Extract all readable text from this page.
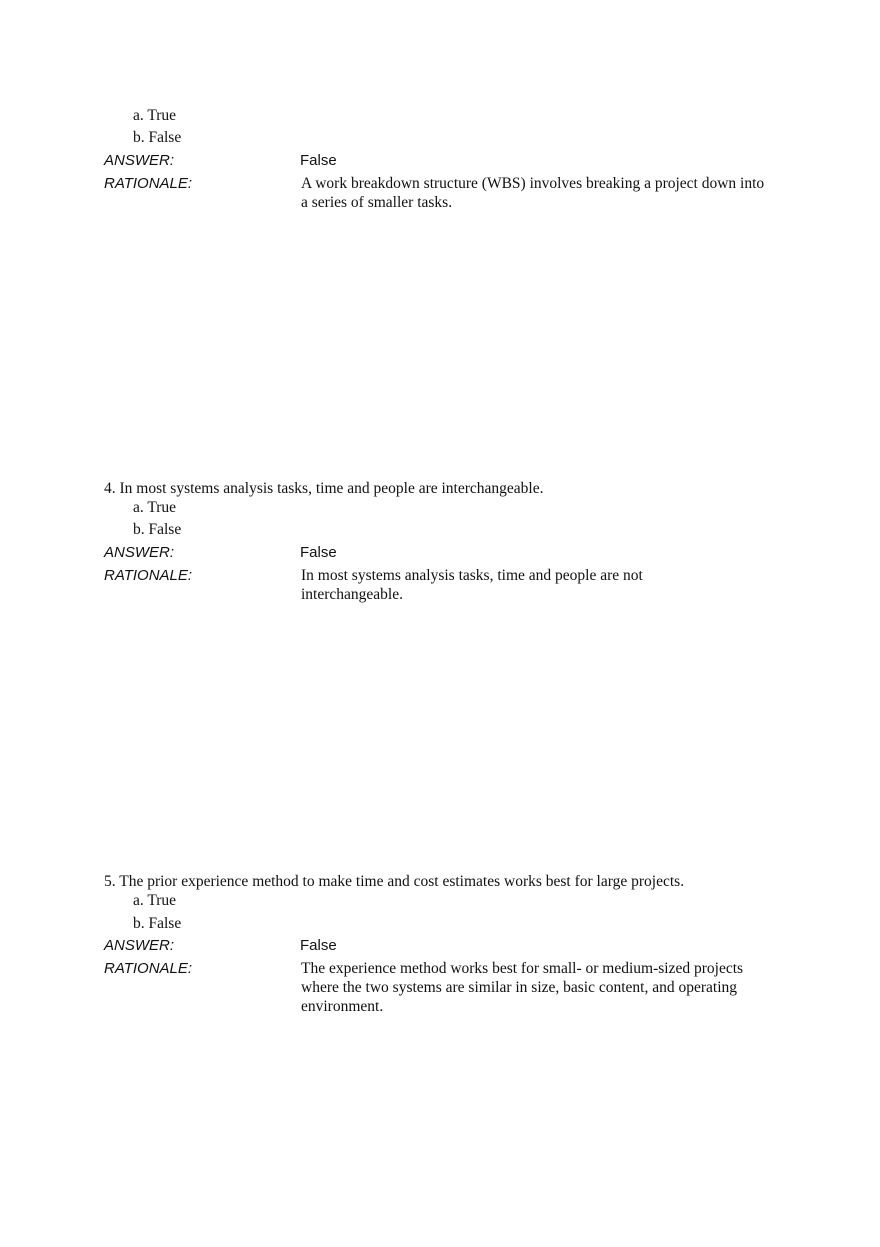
a. True
b. False
ANSWER:	False
RATIONALE:	A work breakdown structure (WBS) involves breaking a project down into
a series of smaller tasks.
4. In most systems analysis tasks, time and people are interchangeable.
a. True
b. False
ANSWER:	False
RATIONALE:	In most systems analysis tasks, time and people are not
interchangeable.
5. The prior experience method to make time and cost estimates works best for large projects.
a. True
b. False
ANSWER:	False
RATIONALE:	The experience method works best for small- or medium-sized projects
where the two systems are similar in size, basic content, and operating
environment.
